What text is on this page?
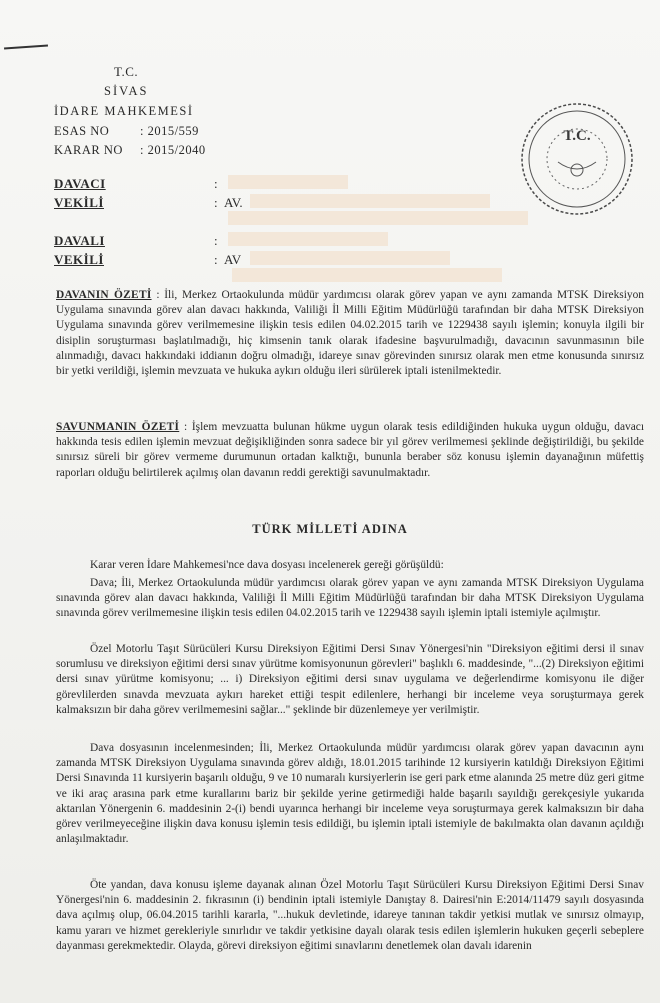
T.C.
SİVAS
İDARE MAHKEMESİ
ESAS NO : 2015/559
KARAR NO : 2015/2040
T.C.
DAVACI	:
VEKİLİ	: AV.
DAVALI	:
VEKİLİ	: AV
DAVANIN ÖZETİ : İli, Merkez Ortaokulunda müdür yardımcısı olarak görev yapan ve aynı zamanda MTSK Direksiyon Uygulama sınavında görev alan davacı hakkında, Valiliği İl Milli Eğitim Müdürlüğü tarafından bir daha MTSK Direksiyon Uygulama sınavında görev verilmemesine ilişkin tesis edilen 04.02.2015 tarih ve 1229438 sayılı işlemin; konuyla ilgili bir disiplin soruşturması başlatılmadığı, hiç kimsenin tanık olarak ifadesine başvurulmadığı, davacının savunmasının bile alınmadığı, davacı hakkındaki iddianın doğru olmadığı, idareye sınav görevinden sınırsız olarak men etme konusunda sınırsız bir yetki verildiği, işlemin mevzuata ve hukuka aykırı olduğu ileri sürülerek iptali istenilmektedir.
SAVUNMANIN ÖZETİ : İşlem mevzuatta bulunan hükme uygun olarak tesis edildiğinden hukuka uygun olduğu, davacı hakkında tesis edilen işlemin mevzuat değişikliğinden sonra sadece bir yıl görev verilmemesi şeklinde değiştirildiği, bu şekilde sınırsız süreli bir görev vermeme durumunun ortadan kalktığı, bununla beraber söz konusu işlemin dayanağının müfettiş raporları olduğu belirtilerek açılmış olan davanın reddi gerektiği savunulmaktadır.
TÜRK MİLLETİ ADINA
Karar veren İdare Mahkemesi'nce dava dosyası incelenerek gereği görüşüldü:
Dava; İli, Merkez Ortaokulunda müdür yardımcısı olarak görev yapan ve aynı zamanda MTSK Direksiyon Uygulama sınavında görev alan davacı hakkında, Valiliği İl Milli Eğitim Müdürlüğü tarafından bir daha MTSK Direksiyon Uygulama sınavında görev verilmemesine ilişkin tesis edilen 04.02.2015 tarih ve 1229438 sayılı işlemin iptali istemiyle açılmıştır.
Özel Motorlu Taşıt Sürücüleri Kursu Direksiyon Eğitimi Dersi Sınav Yönergesi'nin "Direksiyon eğitimi dersi il sınav sorumlusu ve direksiyon eğitimi dersi sınav yürütme komisyonunun görevleri" başlıklı 6. maddesinde, "...(2) Direksiyon eğitimi dersi sınav yürütme komisyonu; ... i) Direksiyon eğitimi dersi sınav uygulama ve değerlendirme komisyonu ile diğer görevlilerden sınavda mevzuata aykırı hareket ettiği tespit edilenlere, herhangi bir inceleme veya soruşturmaya gerek kalmaksızın bir daha görev verilmemesini sağlar..." şeklinde bir düzenlemeye yer verilmiştir.
Dava dosyasının incelenmesinden; İli, Merkez Ortaokulunda müdür yardımcısı olarak görev yapan davacının aynı zamanda MTSK Direksiyon Uygulama sınavında görev aldığı, 18.01.2015 tarihinde 12 kursiyerin katıldığı Direksiyon Eğitimi Dersi Sınavında 11 kursiyerin başarılı olduğu, 9 ve 10 numaralı kursiyerlerin ise geri park etme alanında 25 metre düz geri gitme ve iki araç arasına park etme kurallarını bariz bir şekilde yerine getirmediği halde başarılı sayıldığı gerekçesiyle yukarıda aktarılan Yönergenin 6. maddesinin 2-(i) bendi uyarınca herhangi bir inceleme veya soruşturmaya gerek kalmaksızın bir daha görev verilmeyeceğine ilişkin dava konusu işlemin tesis edildiği, bu işlemin iptali istemiyle de bakılmakta olan davanın açıldığı anlaşılmaktadır.
Öte yandan, dava konusu işleme dayanak alınan Özel Motorlu Taşıt Sürücüleri Kursu Direksiyon Eğitimi Dersi Sınav Yönergesi'nin 6. maddesinin 2. fıkrasının (i) bendinin iptali istemiyle Danıştay 8. Dairesi'nin E:2014/11479 sayılı dosyasında dava açılmış olup, 06.04.2015 tarihli kararla, "...hukuk devletinde, idareye tanınan takdir yetkisi mutlak ve sınırsız olmayıp, kamu yararı ve hizmet gerekleriyle sınırlıdır ve takdir yetkisine dayalı olarak tesis edilen işlemlerin hukuken geçerli sebeplere dayanması gerekmektedir. Olayda, görevi direksiyon eğitimi sınavlarını denetlemek olan davalı idarenin
